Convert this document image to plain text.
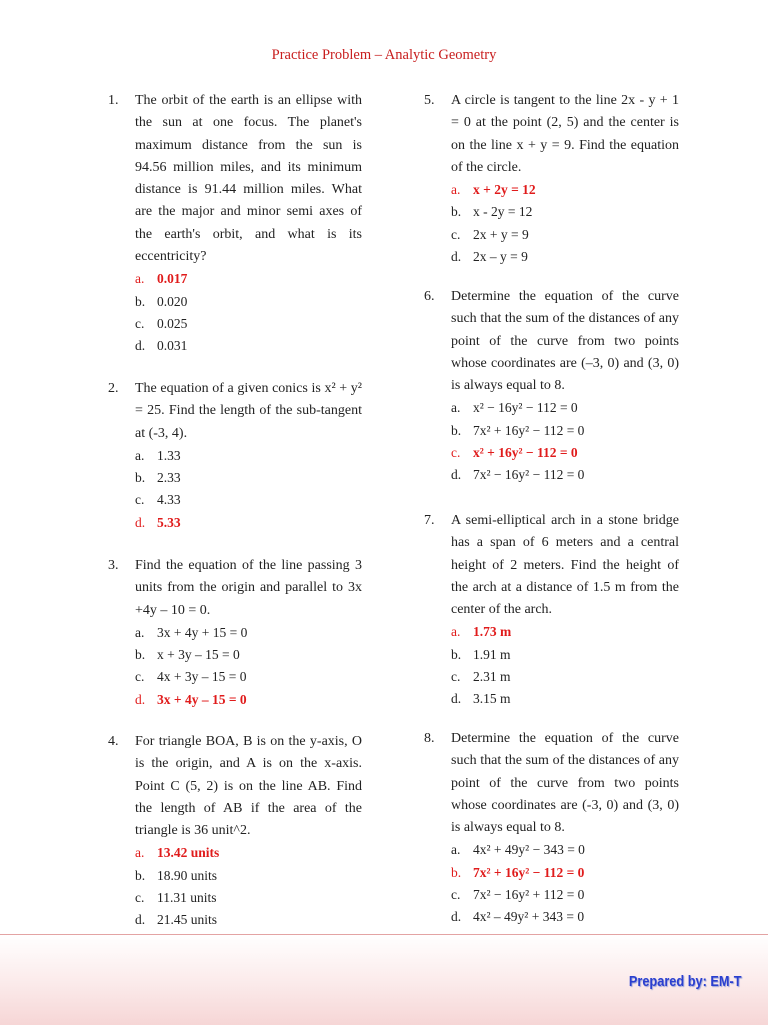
Practice Problem – Analytic Geometry
1.	The orbit of the earth is an ellipse with the sun at one focus. The planet's maximum distance from the sun is 94.56 million miles, and its minimum distance is 91.44 million miles. What are the major and minor semi axes of the earth's orbit, and what is its eccentricity?
a. 0.017
b. 0.020
c. 0.025
d. 0.031
2.	The equation of a given conics is x² + y² = 25. Find the length of the sub-tangent at (-3, 4).
a. 1.33
b. 2.33
c. 4.33
d. 5.33
3.	Find the equation of the line passing 3 units from the origin and parallel to 3x +4y – 10 = 0.
a. 3x + 4y + 15 = 0
b. x + 3y – 15 = 0
c. 4x + 3y – 15 = 0
d. 3x + 4y – 15 = 0
4.	For triangle BOA, B is on the y-axis, O is the origin, and A is on the x-axis. Point C (5, 2) is on the line AB. Find the length of AB if the area of the triangle is 36 unit^2.
a. 13.42 units
b. 18.90 units
c. 11.31 units
d. 21.45 units
5.	A circle is tangent to the line 2x - y + 1 = 0 at the point (2, 5) and the center is on the line x + y = 9. Find the equation of the circle.
a. x + 2y = 12
b. x - 2y = 12
c. 2x + y = 9
d. 2x – y = 9
6.	Determine the equation of the curve such that the sum of the distances of any point of the curve from two points whose coordinates are (–3, 0) and (3, 0) is always equal to 8.
a. x² − 16y² − 112 = 0
b. 7x² + 16y² − 112 = 0
c. x² + 16y² − 112 = 0
d. 7x² − 16y² − 112 = 0
7.	A semi-elliptical arch in a stone bridge has a span of 6 meters and a central height of 2 meters. Find the height of the arch at a distance of 1.5 m from the center of the arch.
a. 1.73 m
b. 1.91 m
c. 2.31 m
d. 3.15 m
8.	Determine the equation of the curve such that the sum of the distances of any point of the curve from two points whose coordinates are (-3, 0) and (3, 0) is always equal to 8.
a. 4x² + 49y² − 343 = 0
b. 7x² + 16y² − 112 = 0
c. 7x² − 16y² + 112 = 0
d. 4x² – 49y² + 343 = 0
Prepared by: EM-T
